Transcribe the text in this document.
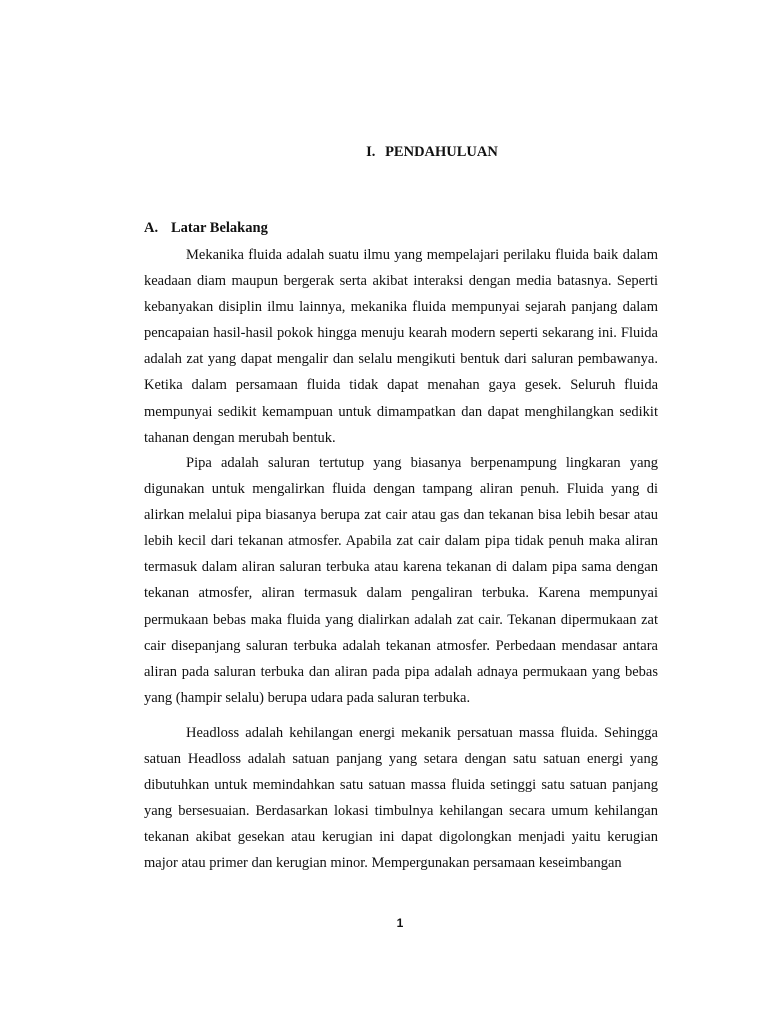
I. PENDAHULUAN
A. Latar Belakang

Mekanika fluida adalah suatu ilmu yang mempelajari perilaku fluida baik dalam keadaan diam maupun bergerak serta akibat interaksi dengan media batasnya. Seperti kebanyakan disiplin ilmu lainnya, mekanika fluida mempunyai sejarah panjang dalam pencapaian hasil-hasil pokok hingga menuju kearah modern seperti sekarang ini. Fluida adalah zat yang dapat mengalir dan selalu mengikuti bentuk dari saluran pembawanya. Ketika dalam persamaan fluida tidak dapat menahan gaya gesek. Seluruh fluida mempunyai sedikit kemampuan untuk dimampatkan dan dapat menghilangkan sedikit tahanan dengan merubah bentuk.

Pipa adalah saluran tertutup yang biasanya berpenampung lingkaran yang digunakan untuk mengalirkan fluida dengan tampang aliran penuh. Fluida yang di alirkan melalui pipa biasanya berupa zat cair atau gas dan tekanan bisa lebih besar atau lebih kecil dari tekanan atmosfer. Apabila zat cair dalam pipa tidak penuh maka aliran termasuk dalam aliran saluran terbuka atau karena tekanan di dalam pipa sama dengan tekanan atmosfer, aliran termasuk dalam pengaliran terbuka. Karena mempunyai permukaan bebas maka fluida yang dialirkan adalah zat cair. Tekanan dipermukaan zat cair disepanjang saluran terbuka adalah tekanan atmosfer. Perbedaan mendasar antara aliran pada saluran terbuka dan aliran pada pipa adalah adnaya permukaan yang bebas yang (hampir selalu) berupa udara pada saluran terbuka.

Headloss adalah kehilangan energi mekanik persatuan massa fluida. Sehingga satuan Headloss adalah satuan panjang yang setara dengan satu satuan energi yang dibutuhkan untuk memindahkan satu satuan massa fluida setinggi satu satuan panjang yang bersesuaian. Berdasarkan lokasi timbulnya kehilangan secara umum kehilangan tekanan akibat gesekan atau kerugian ini dapat digolongkan menjadi yaitu kerugian major atau primer dan kerugian minor. Mempergunakan persamaan keseimbangan

1
